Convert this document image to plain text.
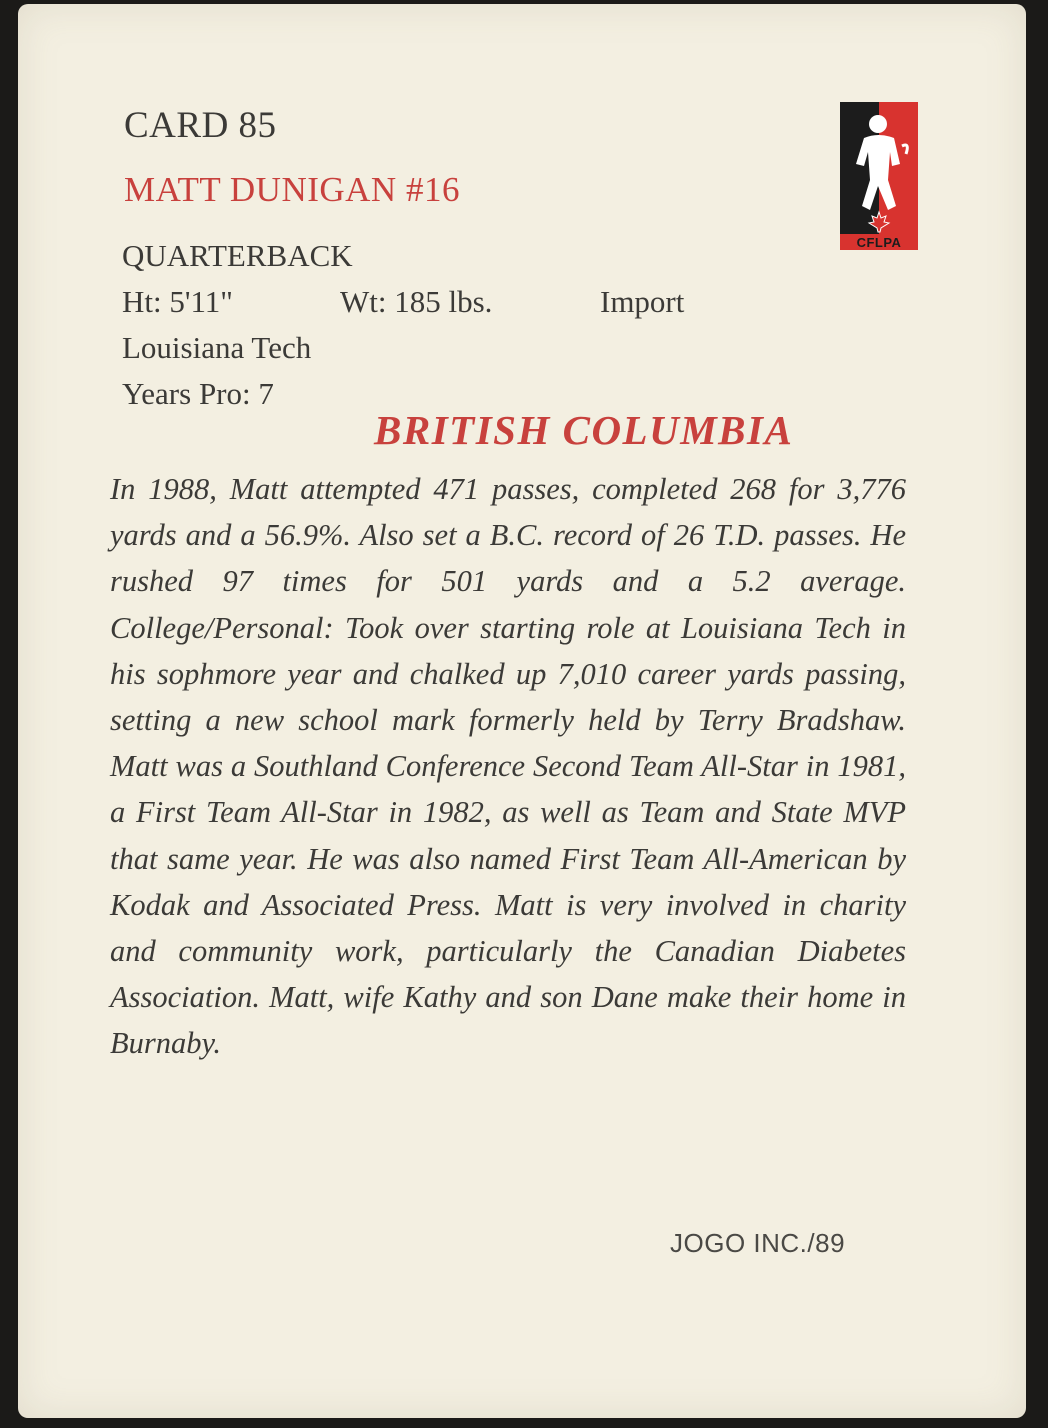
CARD 85
MATT DUNIGAN #16
QUARTERBACK
Ht: 5'11"	Wt: 185 lbs.	Import
Louisiana Tech
Years Pro: 7
BRITISH COLUMBIA
In 1988, Matt attempted 471 passes, completed 268 for 3,776 yards and a 56.9%. Also set a B.C. record of 26 T.D. passes. He rushed 97 times for 501 yards and a 5.2 average. College/Personal: Took over starting role at Louisiana Tech in his sophmore year and chalked up 7,010 career yards passing, setting a new school mark formerly held by Terry Bradshaw. Matt was a Southland Conference Second Team All-Star in 1981, a First Team All-Star in 1982, as well as Team and State MVP that same year. He was also named First Team All-American by Kodak and Associated Press. Matt is very involved in charity and community work, particularly the Canadian Diabetes Association. Matt, wife Kathy and son Dane make their home in Burnaby.
JOGO INC./89
CFLPA
